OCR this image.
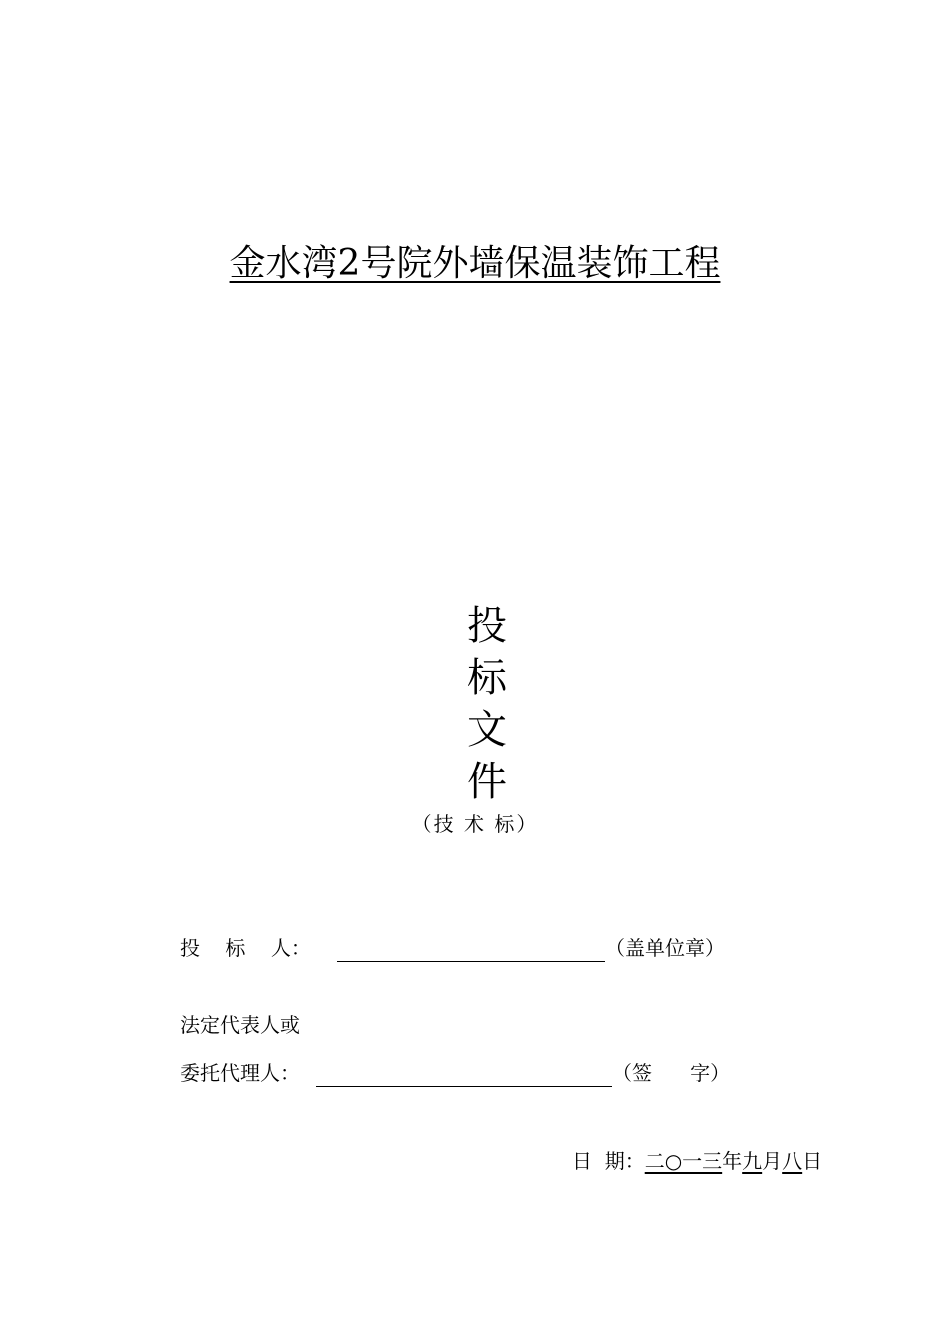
金水湾2号院外墙保温装饰工程
投
标
文
件
（技 术 标）
投    标    人：	（盖单位章）
法定代表人或
委托代理人：	（签      字）
日  期：二○一三年九月八日
